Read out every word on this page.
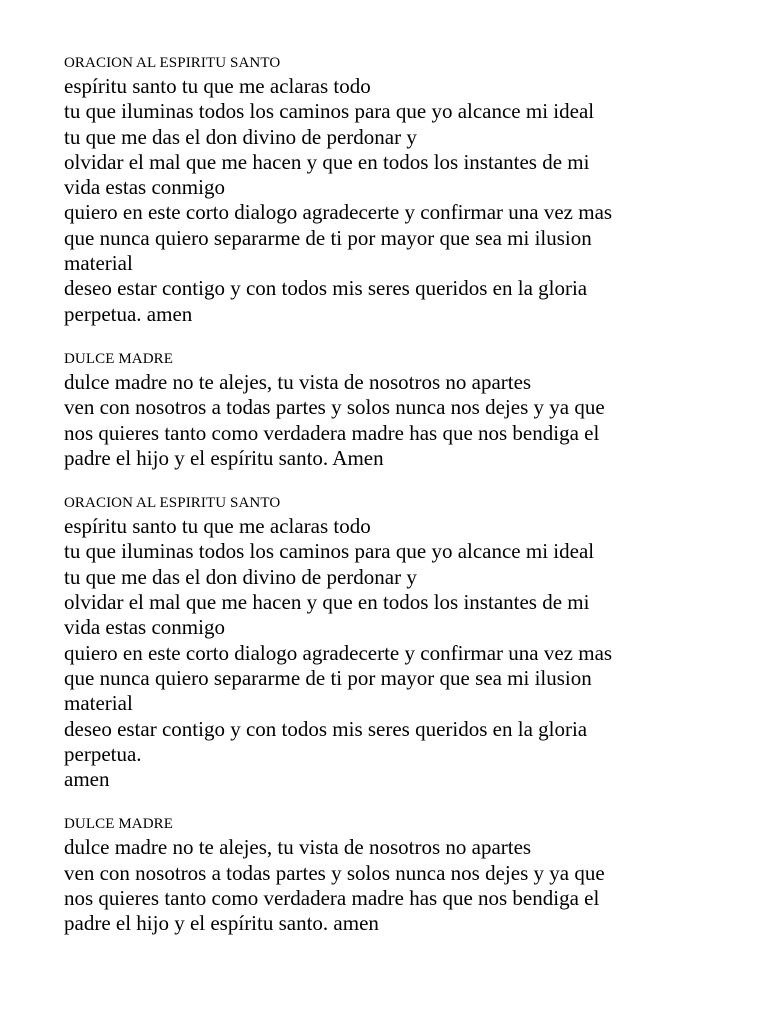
ORACION AL ESPIRITU SANTO

espíritu santo tu que me aclaras todo

tu que iluminas todos los caminos para que yo alcance mi ideal

tu que me das el don divino de perdonar y

olvidar el mal que me hacen y que en todos los instantes de mi

vida estas conmigo

quiero en este corto dialogo agradecerte y confirmar una vez mas

que nunca quiero separarme de ti por mayor que sea mi ilusion

material

deseo estar contigo y con todos mis seres queridos en la gloria

perpetua. amen

DULCE MADRE

dulce madre no te alejes, tu vista de nosotros no apartes

ven con nosotros a todas partes y solos nunca nos dejes y ya que

nos quieres tanto como verdadera madre has que nos bendiga el

padre el hijo y el espíritu santo. Amen

ORACION AL ESPIRITU SANTO

espíritu santo tu que me aclaras todo

tu que iluminas todos los caminos para que yo alcance mi ideal

tu que me das el don divino de perdonar y

olvidar el mal que me hacen y que en todos los instantes de mi

vida estas conmigo

quiero en este corto dialogo agradecerte y confirmar una vez mas

que nunca quiero separarme de ti por mayor que sea mi ilusion

material

deseo estar contigo y con todos mis seres queridos en la gloria

perpetua.

amen

DULCE MADRE

dulce madre no te alejes, tu vista de nosotros no apartes

ven con nosotros a todas partes y solos nunca nos dejes y ya que

nos quieres tanto como verdadera madre has que nos bendiga el

padre el hijo y el espíritu santo. amen
